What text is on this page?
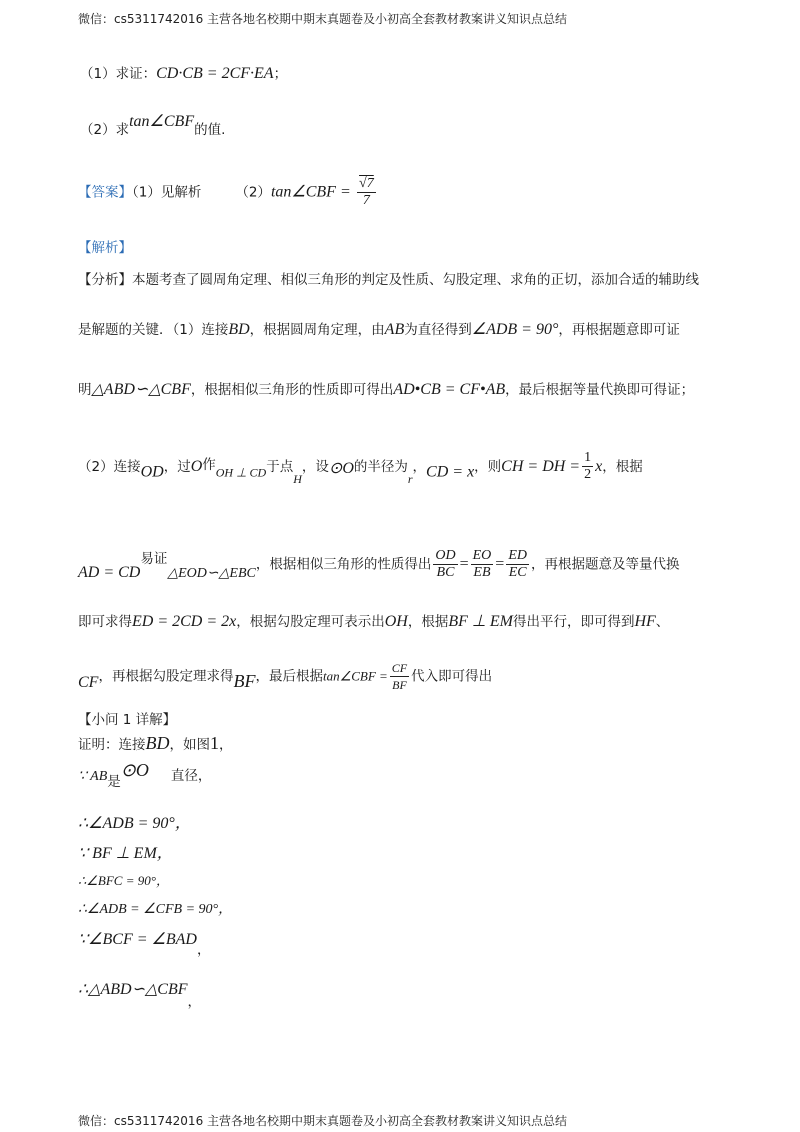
微信：cs5311742016 主营各地名校期中期末真题卷及小初高全套教材教案讲义知识点总结
（1）求证：CD·CB = 2CF·EA；
（2）求tan∠CBF的值.
【答案】（1）见解析	（2）tan∠CBF = $\frac{√7}{7}$
【解析】
【分析】本题考查了圆周角定理、相似三角形的判定及性质、勾股定理、求角的正切，添加合适的辅助线
是解题的关键．（1）连接BD，根据圆周角定理，由AB为直径得到∠ADB = 90°，再根据题意即可证
明△ABD∽△CBF，根据相似三角形的性质即可得出AD•CB = CF•AB，最后根据等量代换即可得证；
（2）连接OD，过O作OH ⊥ CD于点H，设⊙O的半径为r，CD = x，则CH = DH = $\frac{1}{2}$ x，根据
AD = CD易证△EOD∽△EBC，根据相似三角形的性质得出 $\frac{OD}{BC} = \frac{EO}{EB} = \frac{ED}{EC}$ ，再根据题意及等量代换
即可求得ED = 2CD = 2x，根据勾股定理可表示出OH，根据BF ⊥ EM得出平行，即可得到HF、
CF，再根据勾股定理求得BF，最后根据tan∠CBF = $\frac{CF}{BF}$ 代入即可得出
【小问 1 详解】
证明：连接BD，如图1，
∵ AB是⊙O 直径，
∴∠ADB = 90°，
∵ BF ⊥ EM，
∴∠BFC = 90°，
∴∠ADB = ∠CFB = 90°，
∵∠BCF = ∠BAD，
∴△ABD∽△CBF，
微信：cs5311742016 主营各地名校期中期末真题卷及小初高全套教材教案讲义知识点总结
